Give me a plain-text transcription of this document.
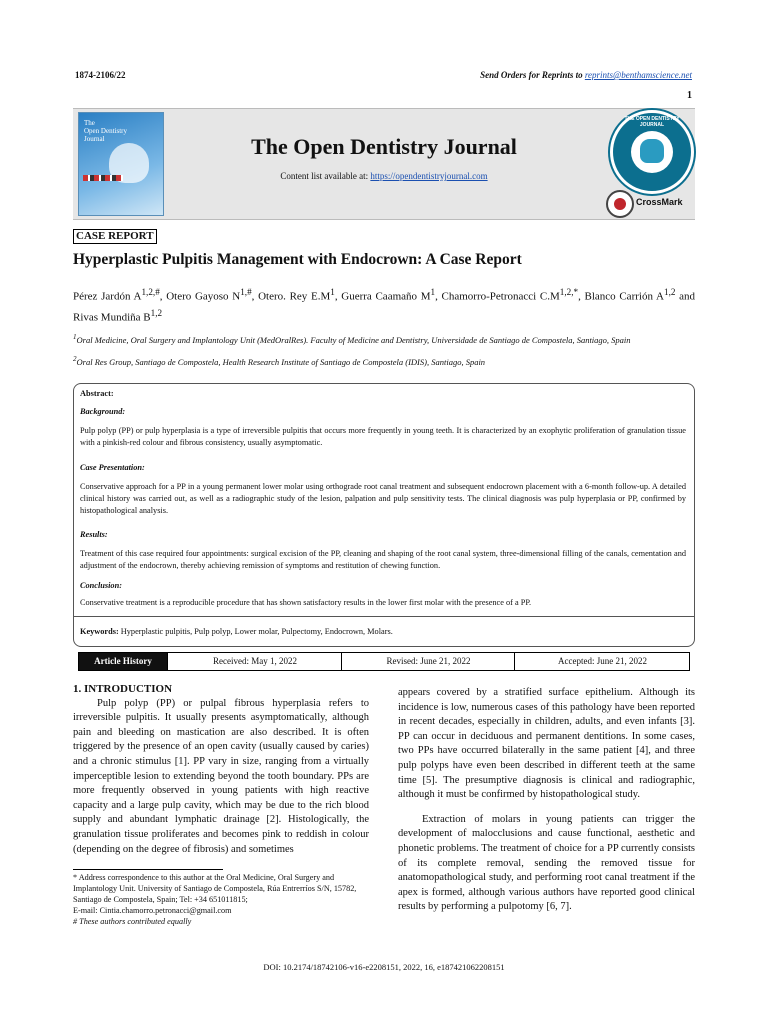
1874-2106/22	Send Orders for Reprints to reprints@benthamscience.net
1
The
Open Dentistry
Journal	The Open Dentistry Journal
Content list available at: https://opendentistryjournal.com
THE OPEN DENTISTRY JOURNAL
CrossMark
CASE REPORT
Hyperplastic Pulpitis Management with Endocrown: A Case Report
Pérez Jardón $A^{1,2,\#}$, Otero Gayoso $N^{1,\#}$, Otero. Rey $E.M^1$, Guerra Caamaño $M^1$, Chamorro-Petronacci $C.M^{1,2,*}$, Blanco Carrión A$^{1,2}$ and Rivas Mundiña B$^{1,2}$
$^1$Oral Medicine, Oral Surgery and Implantology Unit (MedOralRes). Faculty of Medicine and Dentistry, Universidade de Santiago de Compostela, Santiago, Spain
$^2$Oral Res Group, Santiago de Compostela, Health Research Institute of Santiago de Compostela (IDIS), Santiago, Spain
Abstract:
Background:
Pulp polyp (PP) or pulp hyperplasia is a type of irreversible pulpitis that occurs more frequently in young teeth. It is characterized by an exophytic proliferation of granulation tissue with a pinkish-red colour and fibrous consistency, usually asymptomatic.
Case Presentation:
Conservative approach for a PP in a young permanent lower molar using orthograde root canal treatment and subsequent endocrown placement with a 6-month follow-up. A detailed clinical history was carried out, as well as a radiographic study of the lesion, palpation and pulp sensitivity tests. The clinical diagnosis was pulp hyperplasia or PP, confirmed by histopathological analysis.
Results:
Treatment of this case required four appointments: surgical excision of the PP, cleaning and shaping of the root canal system, three-dimensional filling of the canals, cementation and adjustment of the endocrown, thereby achieving remission of symptoms and restitution of chewing function.
Conclusion:
Conservative treatment is a reproducible procedure that has shown satisfactory results in the lower first molar with the presence of a PP.
Keywords: Hyperplastic pulpitis, Pulp polyp, Lower molar, Pulpectomy, Endocrown, Molars.
Article History	Received: May 1, 2022	Revised: June 21, 2022	Accepted: June 21, 2022
1. INTRODUCTION

Pulp polyp (PP) or pulpal fibrous hyperplasia refers to irreversible pulpitis. It usually presents asymptomatically, although pain and bleeding on mastication are also described. It is often triggered by the presence of an open cavity (usually caused by caries) and a chronic stimulus [1]. PP vary in size, ranging from a virtually imperceptible lesion to extending beyond the tooth boundary. PPs are more frequently observed in young patients with high reactive capacity and a large pulp cavity, which may be due to the rich blood supply and abundant lymphatic drainage [2]. Histologically, the granulation tissue proliferates and becomes pink to reddish in colour (depending on the degree of fibrosis) and sometimes

appears covered by a stratified surface epithelium. Although its incidence is low, numerous cases of this pathology have been reported in recent decades, especially in children, adults, and even infants [3]. PP can occur in deciduous and permanent dentitions. In some cases, two PPs have occurred bilaterally in the same patient [4], and three pulp polyps have even been described in different teeth at the same time [5]. The presumptive diagnosis is clinical and radiographic, although it must be confirmed by histopathological study.

Extraction of molars in young patients can trigger the development of malocclusions and cause functional, aesthetic and phonetic problems. The treatment of choice for a PP currently consists of its complete removal, sending the removed tissue for anatomopathological study, and performing root canal treatment if the apex is formed, although various authors have reported good clinical results by performing a pulpotomy [6, 7].

* Address correspondence to this author at the Oral Medicine, Oral Surgery and Implantology Unit. University of Santiago de Compostela, Rúa Entrerríos S/N, 15782, Santiago de Compostela, Spain; Tel: +34 651011815;
E-mail: Cintia.chamorro.petronacci@gmail.com
# These authors contributed equally
DOI: 10.2174/18742106-v16-e2208151, 2022, 16, e187421062208151
